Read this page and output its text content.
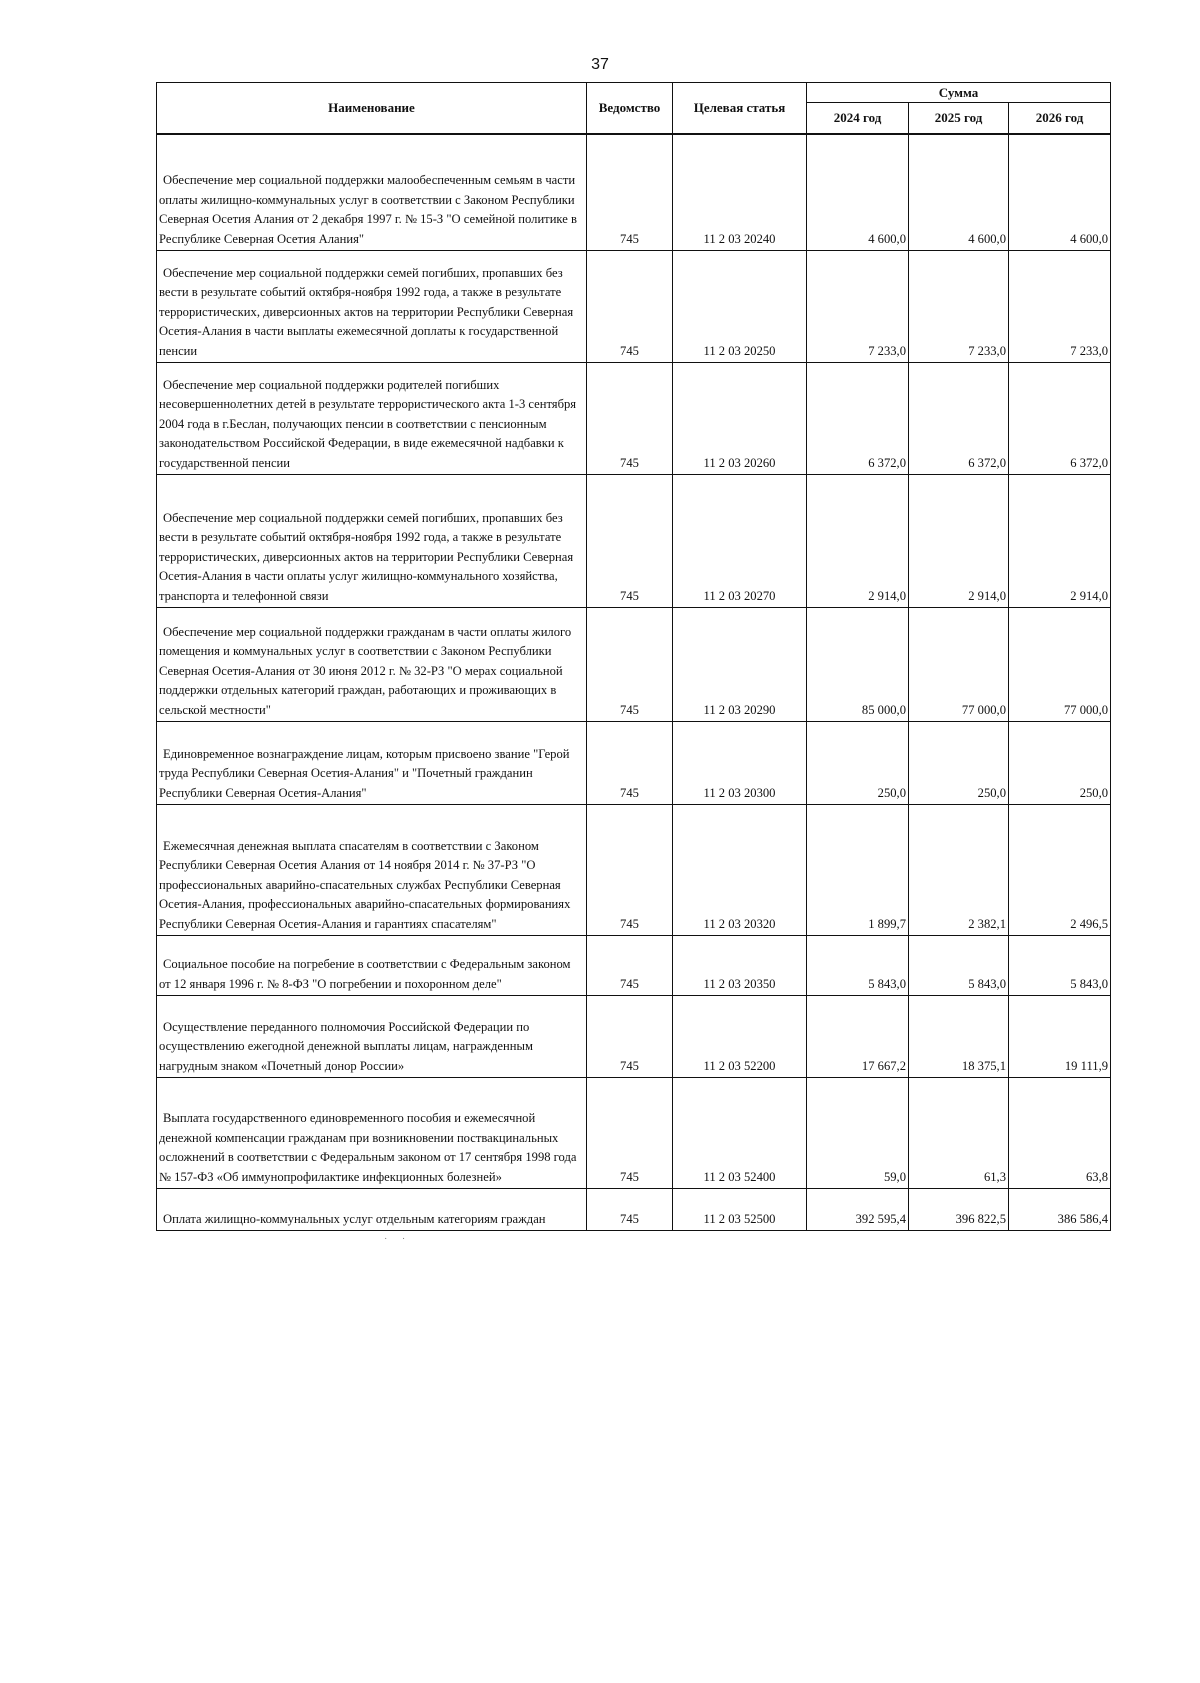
37
Наименование	Ведомство	Целевая статья	Сумма		
			2024 год	2025 год	2026 год

Обеспечение мер социальной поддержки малообеспеченным семьям в части оплаты жилищно-коммунальных услуг в соответствии с Законом Республики Северная Осетия Алания от 2 декабря 1997 г. № 15-З "О семейной политике в Республике Северная Осетия Алания"	745	11 2 03 20240	4 600,0	4 600,0	4 600,0

Обеспечение мер социальной поддержки семей погибших, пропавших без вести в результате событий октября-ноября 1992 года, а также в результате террористических, диверсионных актов на территории Республики Северная Осетия-Алания в части выплаты ежемесячной доплаты к государственной пенсии	745	11 2 03 20250	7 233,0	7 233,0	7 233,0

Обеспечение мер социальной поддержки родителей погибших несовершеннолетних детей в результате террористического акта 1-3 сентября 2004 года в г.Беслан, получающих пенсии в соответствии с пенсионным законодательством Российской Федерации, в виде ежемесячной надбавки к государственной пенсии	745	11 2 03 20260	6 372,0	6 372,0	6 372,0

Обеспечение мер социальной поддержки семей погибших, пропавших без вести в результате событий октября-ноября 1992 года, а также в результате террористических, диверсионных актов на территории Республики Северная Осетия-Алания в части оплаты услуг жилищно-коммунального хозяйства, транспорта и телефонной связи	745	11 2 03 20270	2 914,0	2 914,0	2 914,0

Обеспечение мер социальной поддержки гражданам в части оплаты жилого помещения и коммунальных услуг в соответствии с Законом Республики Северная Осетия-Алания от 30 июня 2012 г. № 32-РЗ "О мерах социальной поддержки отдельных категорий граждан, работающих и проживающих в сельской местности"	745	11 2 03 20290	85 000,0	77 000,0	77 000,0

Единовременное вознаграждение лицам, которым присвоено звание "Герой труда Республики Северная Осетия-Алания" и "Почетный гражданин Республики Северная Осетия-Алания"	745	11 2 03 20300	250,0	250,0	250,0

Ежемесячная денежная выплата спасателям в соответствии с Законом Республики Северная Осетия Алания от 14 ноября 2014 г. № 37-РЗ "О профессиональных аварийно-спасательных службах Республики Северная Осетия-Алания, профессиональных аварийно-спасательных формированиях Республики Северная Осетия-Алания и гарантиях спасателям"	745	11 2 03 20320	1 899,7	2 382,1	2 496,5

Социальное пособие на погребение в соответствии с Федеральным законом от 12 января 1996 г. № 8-ФЗ "О погребении и похоронном деле"	745	11 2 03 20350	5 843,0	5 843,0	5 843,0

Осуществление переданного полномочия Российской Федерации по осуществлению ежегодной денежной выплаты лицам, награжденным нагрудным знаком «Почетный донор России»	745	11 2 03 52200	17 667,2	18 375,1	19 111,9

Выплата государственного единовременного пособия и ежемесячной денежной компенсации гражданам при возникновении поствакцинальных осложнений в соответствии с Федеральным законом от 17 сентября 1998 года № 157-ФЗ «Об иммунопрофилактике инфекционных болезней»	745	11 2 03 52400	59,0	61,3	63,8

Оплата жилищно-коммунальных услуг отдельным категориям граждан	745	11 2 03 52500	392 595,4	396 822,5	386 586,4
˙ ˙
